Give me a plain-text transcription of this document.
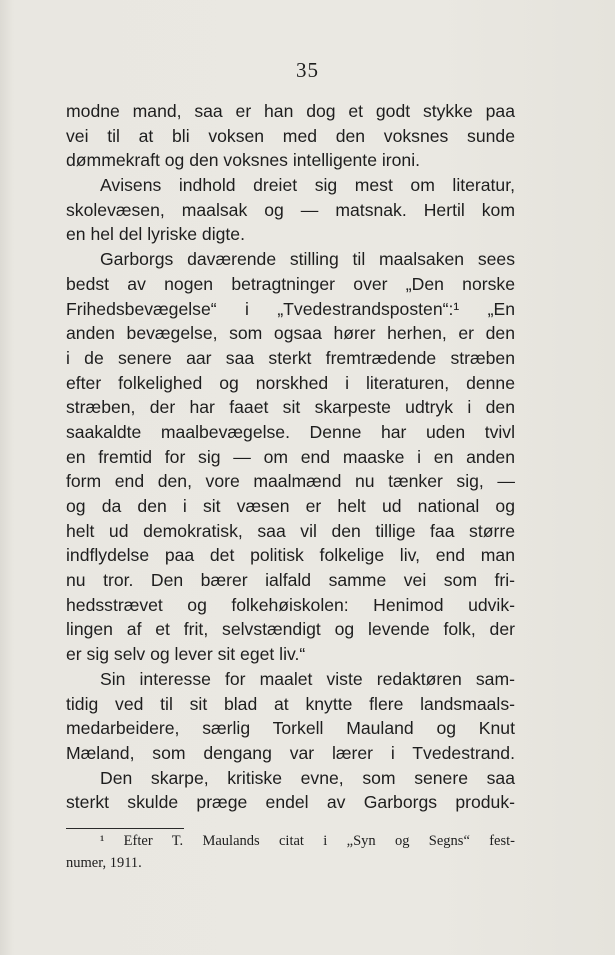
35
modne mand, saa er han dog et godt stykke paa
vei til at bli voksen med den voksnes sunde
dømmekraft og den voksnes intelligente ironi.
Avisens indhold dreiet sig mest om literatur,
skolevæsen, maalsak og — matsnak. Hertil kom
en hel del lyriske digte.
Garborgs daværende stilling til maalsaken sees
bedst av nogen betragtninger over „Den norske
Frihedsbevægelse“ i „Tvedestrandsposten“:¹ „En
anden bevægelse, som ogsaa hører herhen, er den
i de senere aar saa sterkt fremtrædende stræben
efter folkelighed og norskhed i literaturen, denne
stræben, der har faaet sit skarpeste udtryk i den
saakaldte maalbevægelse. Denne har uden tvivl
en fremtid for sig — om end maaske i en anden
form end den, vore maalmænd nu tænker sig, —
og da den i sit væsen er helt ud national og
helt ud demokratisk, saa vil den tillige faa større
indflydelse paa det politisk folkelige liv, end man
nu tror. Den bærer ialfald samme vei som fri-
hedsstrævet og folkehøiskolen: Henimod udvik-
lingen af et frit, selvstændigt og levende folk, der
er sig selv og lever sit eget liv.“
Sin interesse for maalet viste redaktøren sam-
tidig ved til sit blad at knytte flere landsmaals-
medarbeidere, særlig Torkell Mauland og Knut
Mæland, som dengang var lærer i Tvedestrand.
Den skarpe, kritiske evne, som senere saa
sterkt skulde præge endel av Garborgs produk-
¹ Efter T. Maulands citat i „Syn og Segns“ fest-
numer, 1911.
